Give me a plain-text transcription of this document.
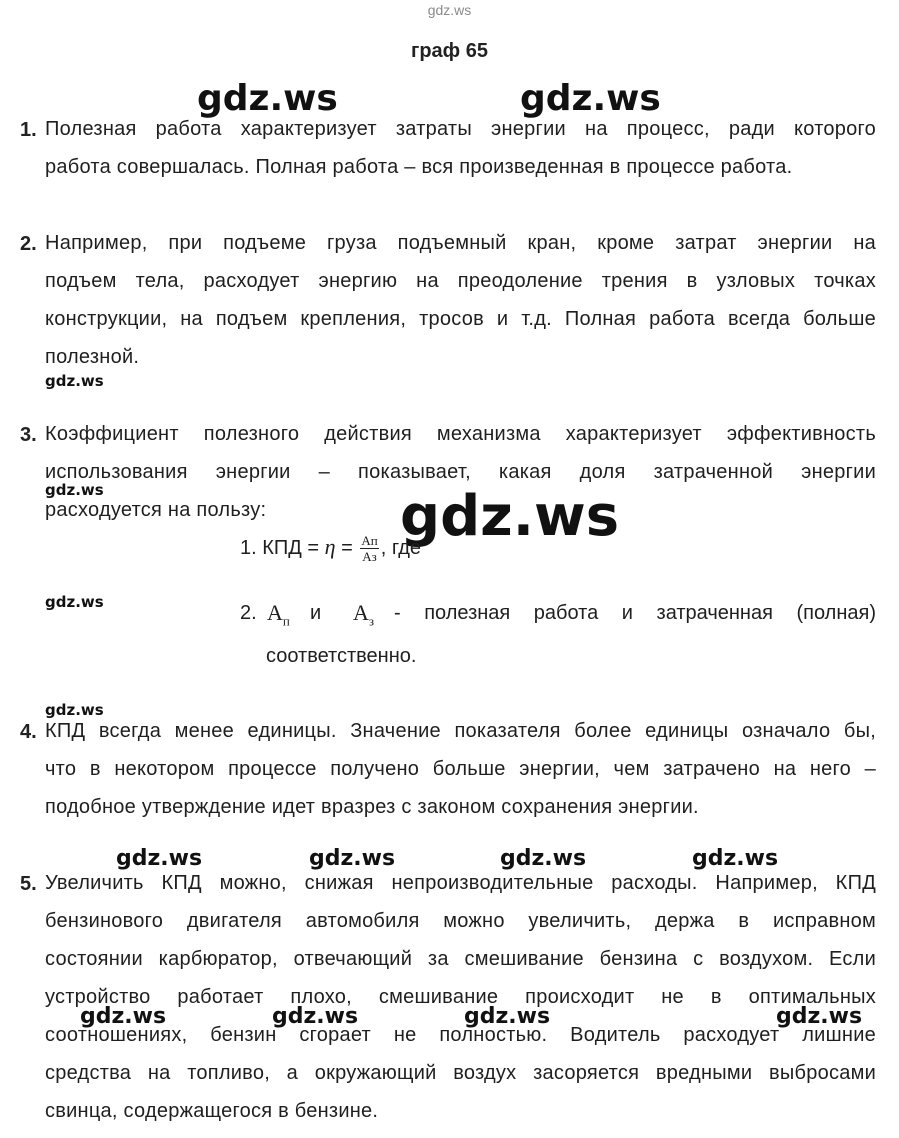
gdz.ws
граф 65
gdz.ws	gdz.ws
1. Полезная работа характеризует затраты энергии на процесс, ради которого
работа совершалась. Полная работа – вся произведенная в процессе работа.
2. Например, при подъеме груза подъемный кран, кроме затрат энергии на
подъем тела, расходует энергию на преодоление трения в узловых точках
конструкции, на подъем крепления, тросов и т.д. Полная работа всегда больше
полезной.
gdz.ws
3. Коэффициент полезного действия механизма характеризует эффективность
использования энергии – показывает, какая доля затраченной энергии
расходуется на пользу:
gdz.ws	gdz.ws
1. КПД = $\eta = \frac{Ап}{Аз}$ , где
gdz.ws	2. $А_п$ и $А_з$ - полезная работа и затраченная (полная)
соответственно.
gdz.ws
4. КПД всегда менее единицы. Значение показателя более единицы означало бы,
что в некотором процессе получено больше энергии, чем затрачено на него –
подобное утверждение идет вразрез с законом сохранения энергии.
gdz.ws	gdz.ws	gdz.ws	gdz.ws
5. Увеличить КПД можно, снижая непроизводительные расходы. Например, КПД
бензинового двигателя автомобиля можно увеличить, держа в исправном
состоянии карбюратор, отвечающий за смешивание бензина с воздухом. Если
устройство работает плохо, смешивание происходит не в оптимальных
соотношениях, бензин сгорает не полностью. Водитель расходует лишние
средства на топливо, а окружающий воздух засоряется вредными выбросами
свинца, содержащегося в бензине.
gdz.ws	gdz.ws	gdz.ws	gdz.ws
